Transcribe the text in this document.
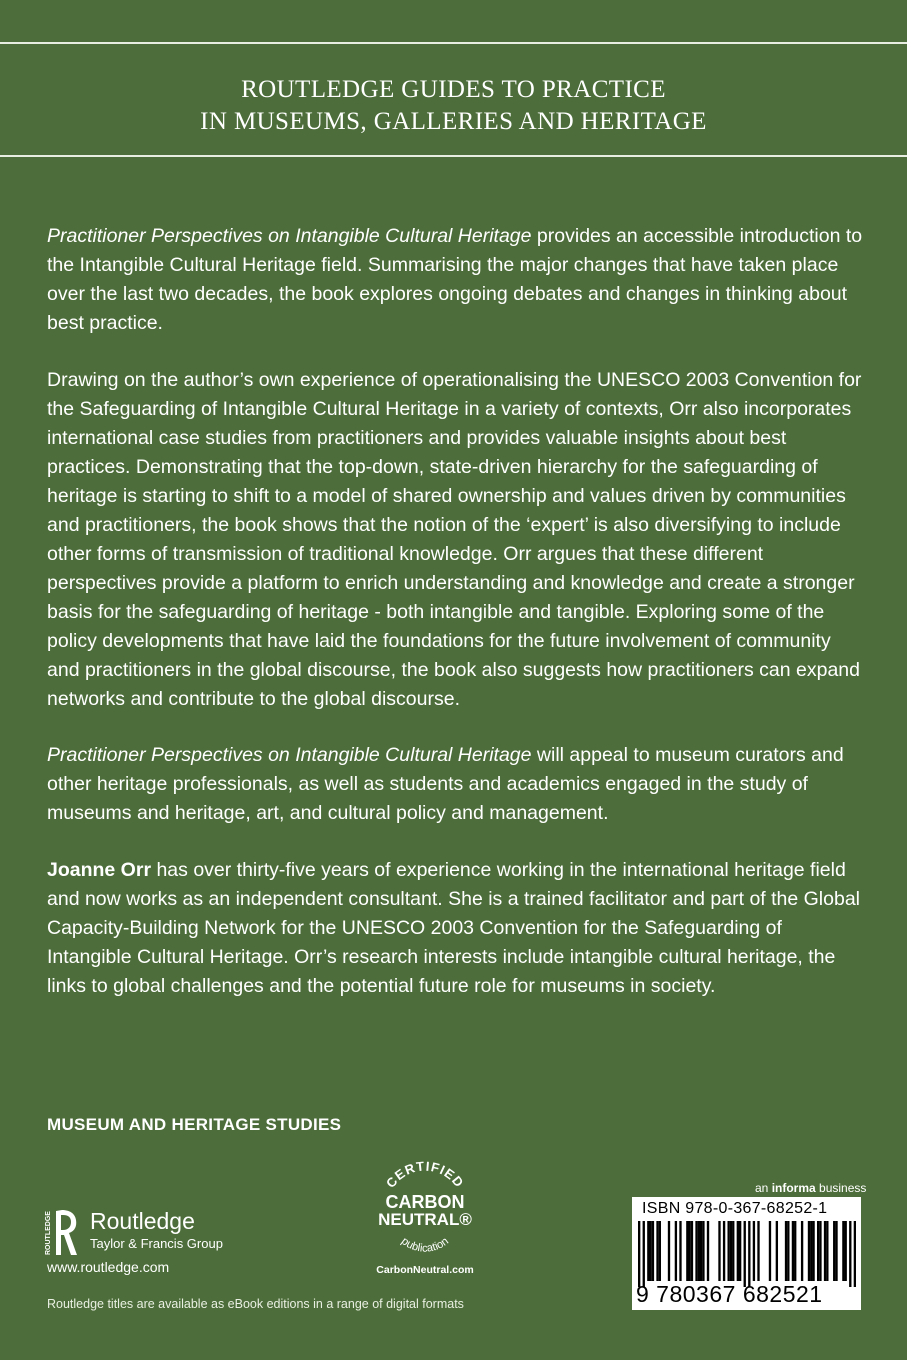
ROUTLEDGE GUIDES TO PRACTICE
IN MUSEUMS, GALLERIES AND HERITAGE

Practitioner Perspectives on Intangible Cultural Heritage provides an accessible introduction to the Intangible Cultural Heritage field. Summarising the major changes that have taken place over the last two decades, the book explores ongoing debates and changes in thinking about best practice.

Drawing on the author’s own experience of operationalising the UNESCO 2003 Convention for the Safeguarding of Intangible Cultural Heritage in a variety of contexts, Orr also incorporates international case studies from practitioners and provides valuable insights about best practices. Demonstrating that the top-down, state-driven hierarchy for the safeguarding of heritage is starting to shift to a model of shared ownership and values driven by communities and practitioners, the book shows that the notion of the ‘expert’ is also diversifying to include other forms of transmission of traditional knowledge. Orr argues that these different perspectives provide a platform to enrich understanding and knowledge and create a stronger basis for the safeguarding of heritage - both intangible and tangible. Exploring some of the policy developments that have laid the foundations for the future involvement of community and practitioners in the global discourse, the book also suggests how practitioners can expand networks and contribute to the global discourse.

Practitioner Perspectives on Intangible Cultural Heritage will appeal to museum curators and other heritage professionals, as well as students and academics engaged in the study of museums and heritage, art, and cultural policy and management.

Joanne Orr has over thirty-five years of experience working in the international heritage field and now works as an independent consultant. She is a trained facilitator and part of the Global Capacity-Building Network for the UNESCO 2003 Convention for the Safeguarding of Intangible Cultural Heritage. Orr’s research interests include intangible cultural heritage, the links to global challenges and the potential future role for museums in society.

MUSEUM AND HERITAGE STUDIES
ROUTLEDGE Routledge
Taylor & Francis Group
www.routledge.com
Routledge titles are available as eBook editions in a range of digital formats
CERTIFIED
CARBON
NEUTRAL®
publication
CarbonNeutral.com
an informa business
ISBN 978-0-367-68252-1
9 780367 682521
